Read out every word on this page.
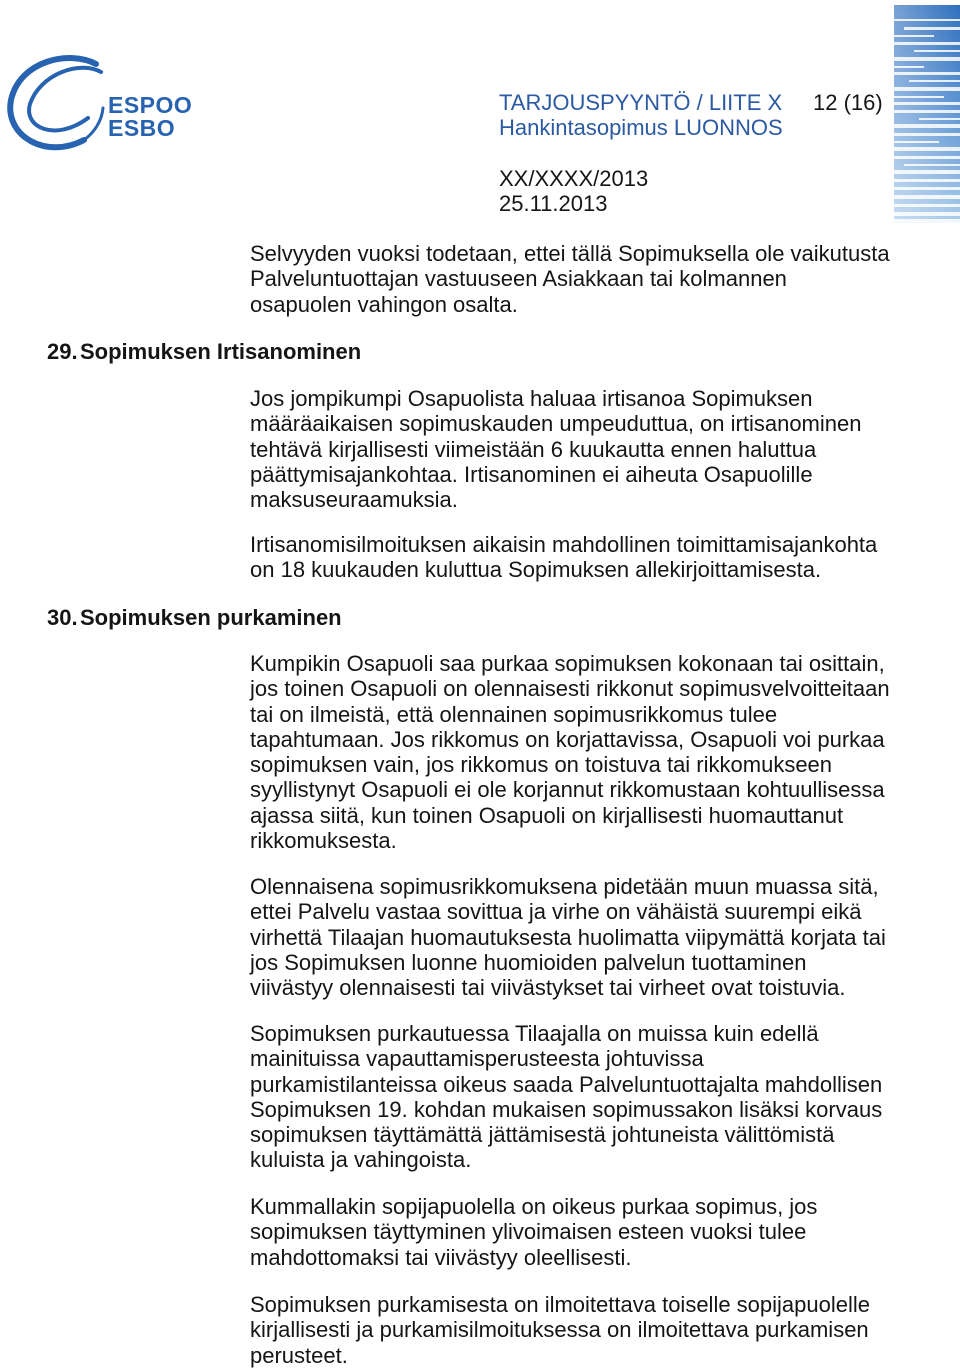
ESPOO
ESBO
TARJOUSPYYNTÖ / LIITE X 12 (16)
Hankintasopimus LUONNOS
XX/XXXX/2013
25.11.2013
Selvyyden vuoksi todetaan, ettei tällä Sopimuksella ole vaikutusta
Palveluntuottajan vastuuseen Asiakkaan tai kolmannen
osapuolen vahingon osalta.
29. Sopimuksen Irtisanominen
Jos jompikumpi Osapuolista haluaa irtisanoa Sopimuksen
määräaikaisen sopimuskauden umpeuduttua, on irtisanominen
tehtävä kirjallisesti viimeistään 6 kuukautta ennen haluttua
päättymisajankohtaa. Irtisanominen ei aiheuta Osapuolille
maksuseuraamuksia.
Irtisanomisilmoituksen aikaisin mahdollinen toimittamisajankohta
on 18 kuukauden kuluttua Sopimuksen allekirjoittamisesta.
30. Sopimuksen purkaminen
Kumpikin Osapuoli saa purkaa sopimuksen kokonaan tai osittain,
jos toinen Osapuoli on olennaisesti rikkonut sopimusvelvoitteitaan
tai on ilmeistä, että olennainen sopimusrikkomus tulee
tapahtumaan. Jos rikkomus on korjattavissa, Osapuoli voi purkaa
sopimuksen vain, jos rikkomus on toistuva tai rikkomukseen
syyllistynyt Osapuoli ei ole korjannut rikkomustaan kohtuullisessa
ajassa siitä, kun toinen Osapuoli on kirjallisesti huomauttanut
rikkomuksesta.
Olennaisena sopimusrikkomuksena pidetään muun muassa sitä,
ettei Palvelu vastaa sovittua ja virhe on vähäistä suurempi eikä
virhettä Tilaajan huomautuksesta huolimatta viipymättä korjata tai
jos Sopimuksen luonne huomioiden palvelun tuottaminen
viivästyy olennaisesti tai viivästykset tai virheet ovat toistuvia.
Sopimuksen purkautuessa Tilaajalla on muissa kuin edellä
mainituissa vapauttamisperusteesta johtuvissa
purkamistilanteissa oikeus saada Palveluntuottajalta mahdollisen
Sopimuksen 19. kohdan mukaisen sopimussakon lisäksi korvaus
sopimuksen täyttämättä jättämisestä johtuneista välittömistä
kuluista ja vahingoista.
Kummallakin sopijapuolella on oikeus purkaa sopimus, jos
sopimuksen täyttyminen ylivoimaisen esteen vuoksi tulee
mahdottomaksi tai viivästyy oleellisesti.
Sopimuksen purkamisesta on ilmoitettava toiselle sopijapuolelle
kirjallisesti ja purkamisilmoituksessa on ilmoitettava purkamisen
perusteet.
